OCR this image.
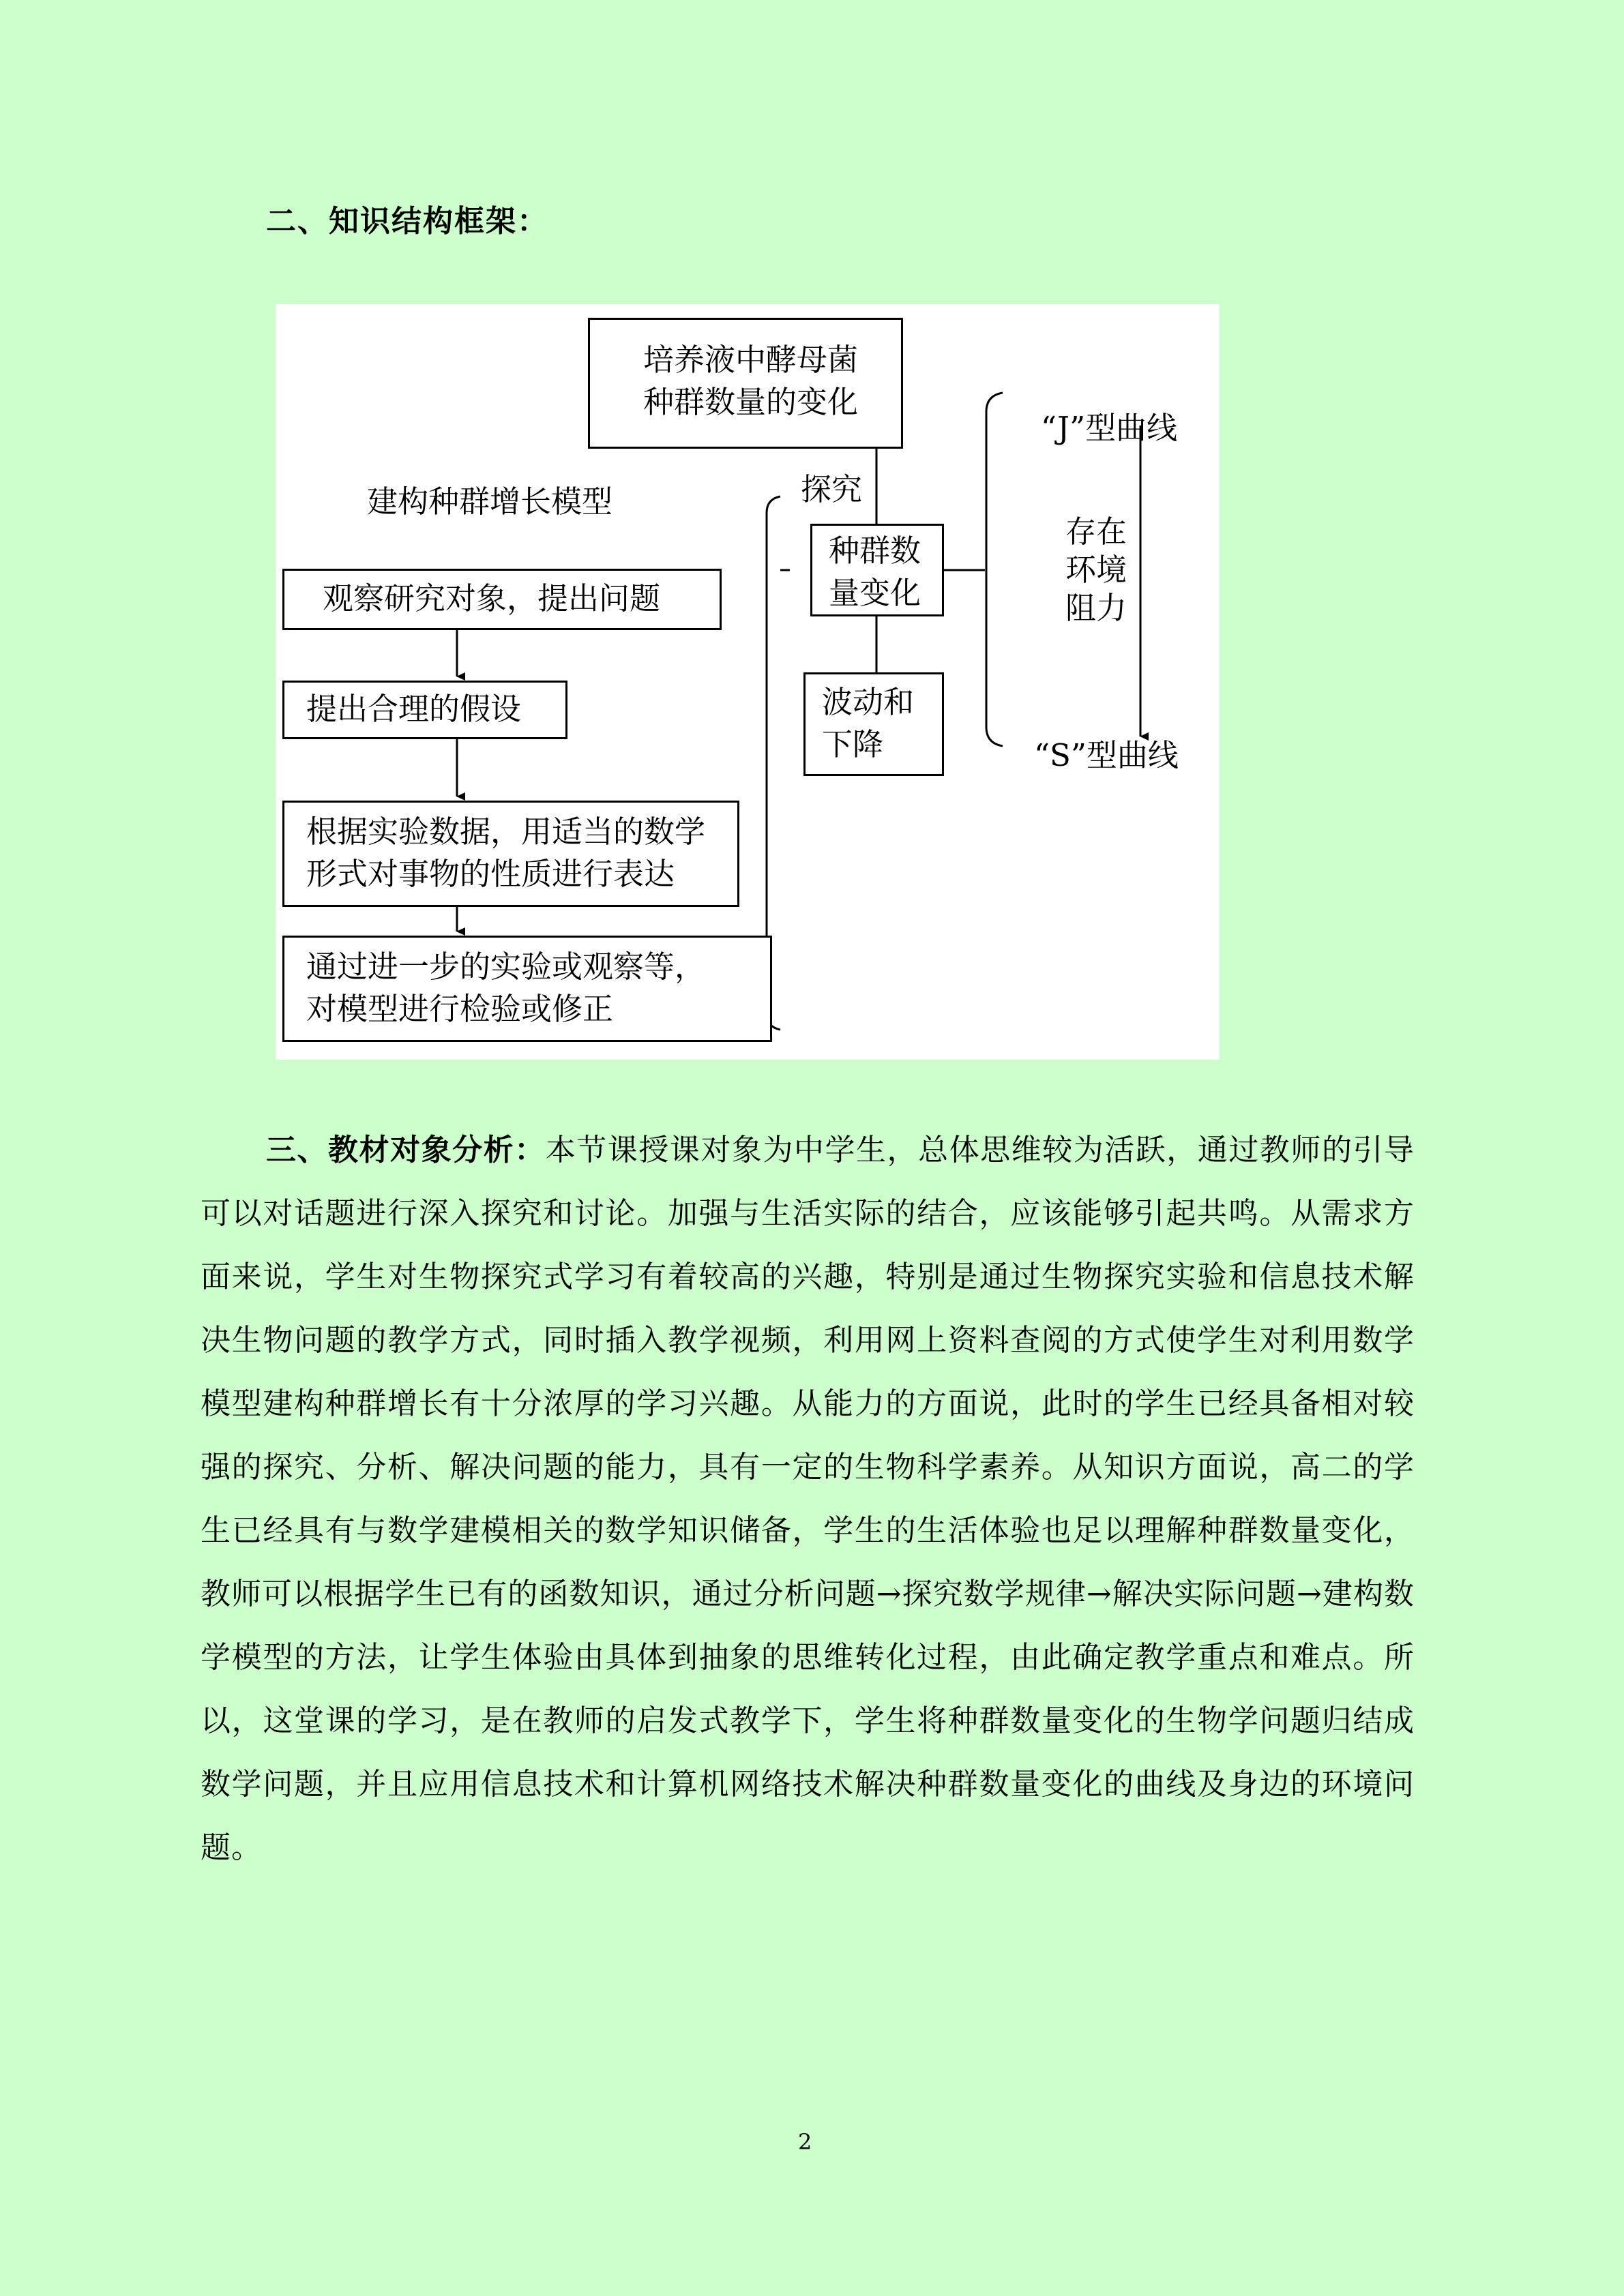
二、知识结构框架：
培养液中酵母菌
种群数量的变化
探究
种群数
量变化
波动和
下降
“J”型曲线
存在
环境
阻力
“S”型曲线
建构种群增长模型
观察研究对象，提出问题
提出合理的假设
根据实验数据，用适当的数学
形式对事物的性质进行表达
通过进一步的实验或观察等，
对模型进行检验或修正
三、教材对象分析：本节课授课对象为中学生，总体思维较为活跃，通过教师的引导可以对话题进行深入探究和讨论。加强与生活实际的结合，应该能够引起共鸣。从需求方面来说，学生对生物探究式学习有着较高的兴趣，特别是通过生物探究实验和信息技术解决生物问题的教学方式，同时插入教学视频，利用网上资料查阅的方式使学生对利用数学模型建构种群增长有十分浓厚的学习兴趣。从能力的方面说，此时的学生已经具备相对较强的探究、分析、解决问题的能力，具有一定的生物科学素养。从知识方面说，高二的学生已经具有与数学建模相关的数学知识储备，学生的生活体验也足以理解种群数量变化，教师可以根据学生已有的函数知识，通过分析问题→探究数学规律→解决实际问题→建构数学模型的方法，让学生体验由具体到抽象的思维转化过程，由此确定教学重点和难点。所以，这堂课的学习，是在教师的启发式教学下，学生将种群数量变化的生物学问题归结成数学问题，并且应用信息技术和计算机网络技术解决种群数量变化的曲线及身边的环境问题。
2
